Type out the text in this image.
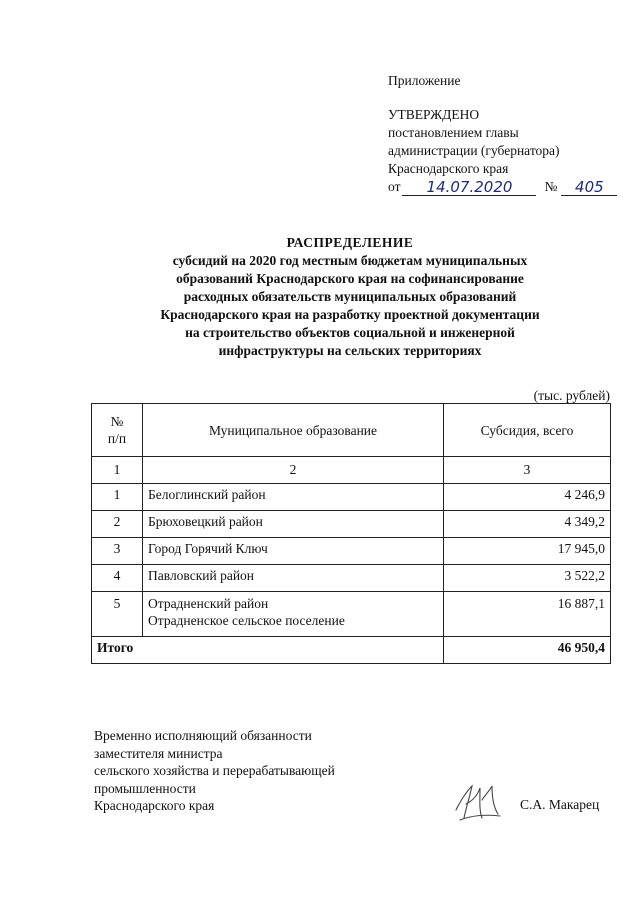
Приложение
УТВЕРЖДЕНО
постановлением главы
администрации (губернатора)
Краснодарского края
от	14.07.2020	№	405
РАСПРЕДЕЛЕНИЕ
субсидий на 2020 год местным бюджетам муниципальных
образований Краснодарского края на софинансирование
расходных обязательств муниципальных образований
Краснодарского края на разработку проектной документации
на строительство объектов социальной и инженерной
инфраструктуры на сельских территориях
(тыс. рублей)
№
п/п	Муниципальное образование	Субсидия, всего
1	2	3
1	Белоглинский район	4 246,9
2	Брюховецкий район	4 349,2
3	Город Горячий Ключ	17 945,0
4	Павловский район	3 522,2
5	Отрадненский район
Отрадненское сельское поселение	16 887,1
Итого		46 950,4
Временно исполняющий обязанности
заместителя министра
сельского хозяйства и перерабатывающей
промышленности
Краснодарского края	С.А. Макарец
